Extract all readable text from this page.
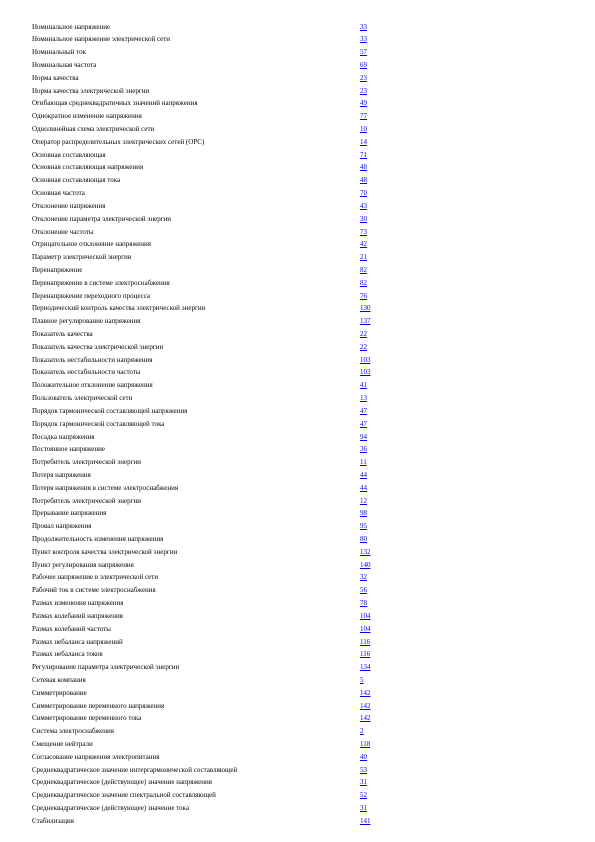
Номинальное напряжение	33
Номинальное напряжение электрической сети	33
Номинальный ток	57
Номинальная частота	69
Норма качества	23
Норма качества электрической энергии	23
Огибающая среднеквадратичных значений напряжения	49
Однократное изменение напряжения	77
Однолинейная схема электрической сети	10
Оператор распределительных электрических сетей (ОРС)	14
Основная составляющая	71
Основная составляющая напряжения	48
Основная составляющая тока	48
Основная частота	70
Отклонение напряжения	43
Отклонение параметра электрической энергии	30
Отклонение частоты	73
Отрицательное отклонение напряжения	42
Параметр электрической энергии	21
Перенапряжение	82
Перенапряжение в системе электроснабжения	82
Перенапряжение переходного процесса	76
Периодический контроль качества электрической энергии	130
Плавное регулирование напряжения	137
Показатель качества	22
Показатель качества электрической энергии	22
Показатель нестабильности напряжения	103
Показатель нестабильности частоты	103
Положительное отклонение напряжения	41
Пользователь электрической сети	13
Порядок гармонической составляющей напряжения	47
Порядок гармонической составляющей тока	47
Посадка напряжения	94
Постоянное напряжение	36
Потребитель электрической энергии	11
Потеря напряжения	44
Потеря напряжения в системе электроснабжения	44
Потребитель электрической энергии	12
Прерывание напряжения	98
Провал напряжения	95
Продолжительность изменения напряжения	80
Пункт контроля качества электрической энергии	132
Пункт регулирования напряжения	140
Рабочее напряжение в электрической сети	32
Рабочий ток в системе электроснабжения	56
Размах изменения напряжения	78
Размах колебаний напряжения	104
Размах колебаний частоты	104
Размах небаланса напряжений	116
Размах небаланса токов	116
Регулирование параметра электрической энергии	134
Сетевая компания	5
Симметрирование	142
Симметрирование переменного напряжения	142
Симметрирование переменного тока	142
Система электроснабжения	2
Смещение нейтрали	118
Согласование напряжения электропитания	40
Среднеквадратическое значение интергармонической составляющей	53
Среднеквадратическое (действующее) значение напряжения	31
Среднеквадратическое значение спектральной составляющей	52
Среднеквадратическое (действующее) значение тока	31
Стабилизация	141
